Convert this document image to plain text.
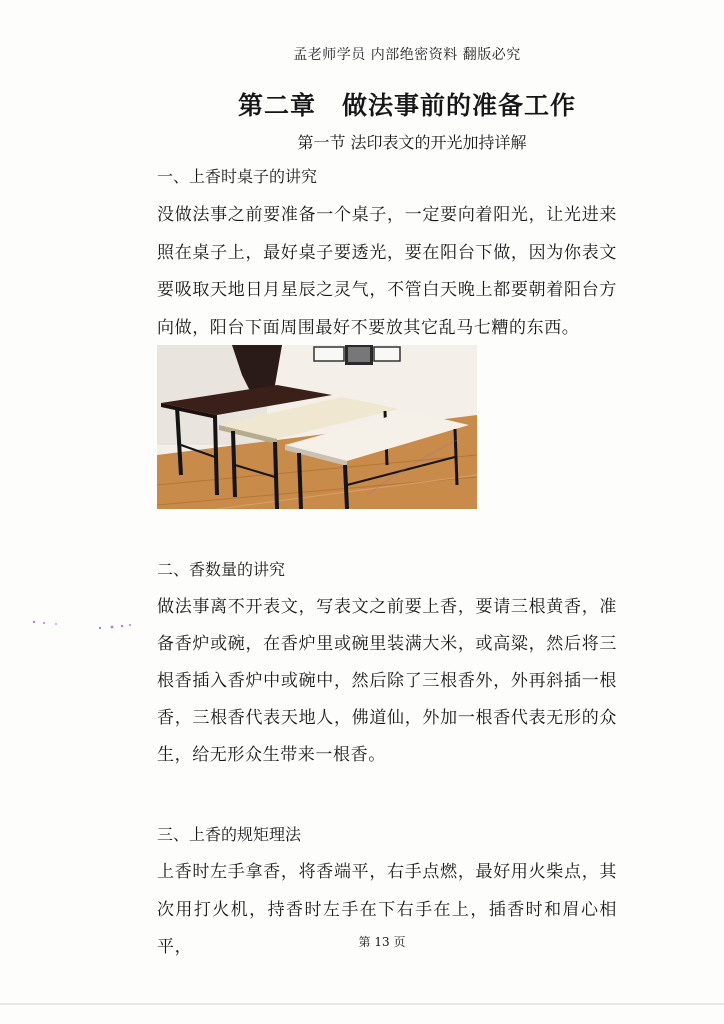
孟老师学员 内部绝密资料 翻版必究
第二章　做法事前的准备工作
第一节 法印表文的开光加持详解
一、上香时桌子的讲究
没做法事之前要准备一个桌子，一定要向着阳光，让光进来照在桌子上，最好桌子要透光，要在阳台下做，因为你表文要吸取天地日月星辰之灵气，不管白天晚上都要朝着阳台方向做，阳台下面周围最好不要放其它乱马七糟的东西。
二、香数量的讲究
做法事离不开表文，写表文之前要上香，要请三根黄香，准备香炉或碗，在香炉里或碗里装满大米，或高粱，然后将三根香插入香炉中或碗中，然后除了三根香外，外再斜插一根香，三根香代表天地人，佛道仙，外加一根香代表无形的众生，给无形众生带来一根香。
三、上香的规矩理法
上香时左手拿香，将香端平，右手点燃，最好用火柴点，其次用打火机，持香时左手在下右手在上，插香时和眉心相平，	第 13 页
